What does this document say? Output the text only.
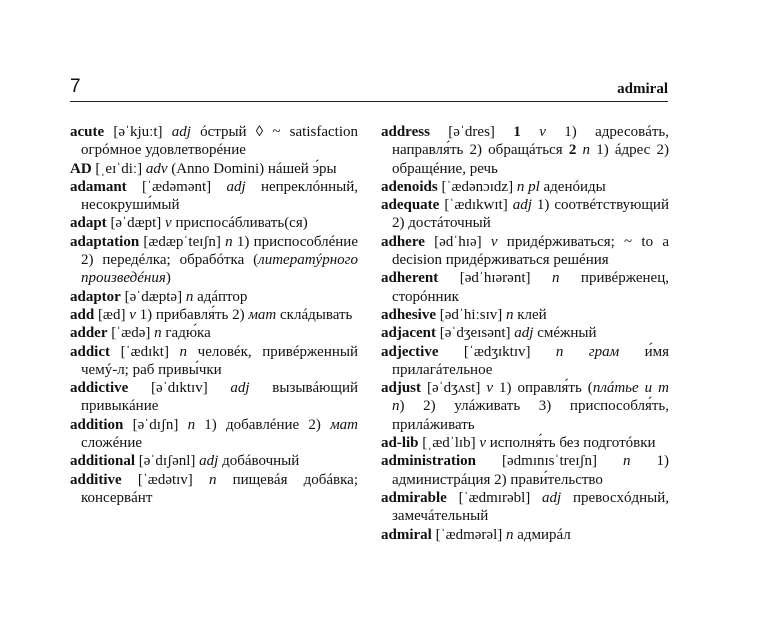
7	admiral

acute [əˈkjuːt] adj óстрый ◊ ~ satisfaction огрóмное удовлетворéние

AD [ˌeɪˈdiː] adv (Anno Domini) нáшей э́ры

adamant [ˈædəmənt] adj непреклóнный, несокруши́мый

adapt [əˈdæpt] v приспосáбливать(ся)

adaptation [ædæpˈteɪʃn] n 1) приспособлéние 2) передéлка; обрабóтка (литератýрного произведéния)

adaptor [əˈdæptə] n адáптор

add [æd] v 1) прибавля́ть 2) мат склáдывать

adder [ˈædə] n гадю́ка

addict [ˈædɪkt] n человéк, привéрженный чемý-л; раб привы́чки

addictive [əˈdɪktɪv] adj вызывáющий привыкáние

addition [əˈdɪʃn] n 1) добавлéние 2) мат сложéние

additional [əˈdɪʃənl] adj добáвочный

additive [ˈædətɪv] n пищевáя добáвка; консервáнт

address [əˈdres] 1 v 1) адресовáть, направля́ть 2) обращáться 2 n 1) áдрес 2) обращéние, речь

adenoids [ˈædənɔɪdz] n pl аденóиды

adequate [ˈædɪkwɪt] adj 1) соотвéтствующий 2) достáточный

adhere [ədˈhɪə] v придéрживаться; ~ to a decision придéрживаться решéния

adherent [ədˈhɪərənt] n привéрженец, сторóнник

adhesive [ədˈhiːsɪv] n клей

adjacent [əˈdʒeɪsənt] adj смéжный

adjective [ˈædʒɪktɪv] n грам и́мя прилагáтельное

adjust [əˈdʒʌst] v 1) оправля́ть (плáтье и т п) 2) улáживать 3) приспособля́ть, прилáживать

ad-lib [ˌædˈlɪb] v исполня́ть без подготóвки

administration [ədmɪnɪsˈtreɪʃn] n 1) администрáция 2) прави́тельство

admirable [ˈædmɪrəbl] adj превосхóдный, замечáтельный

admiral [ˈædmərəl] n адмирáл
